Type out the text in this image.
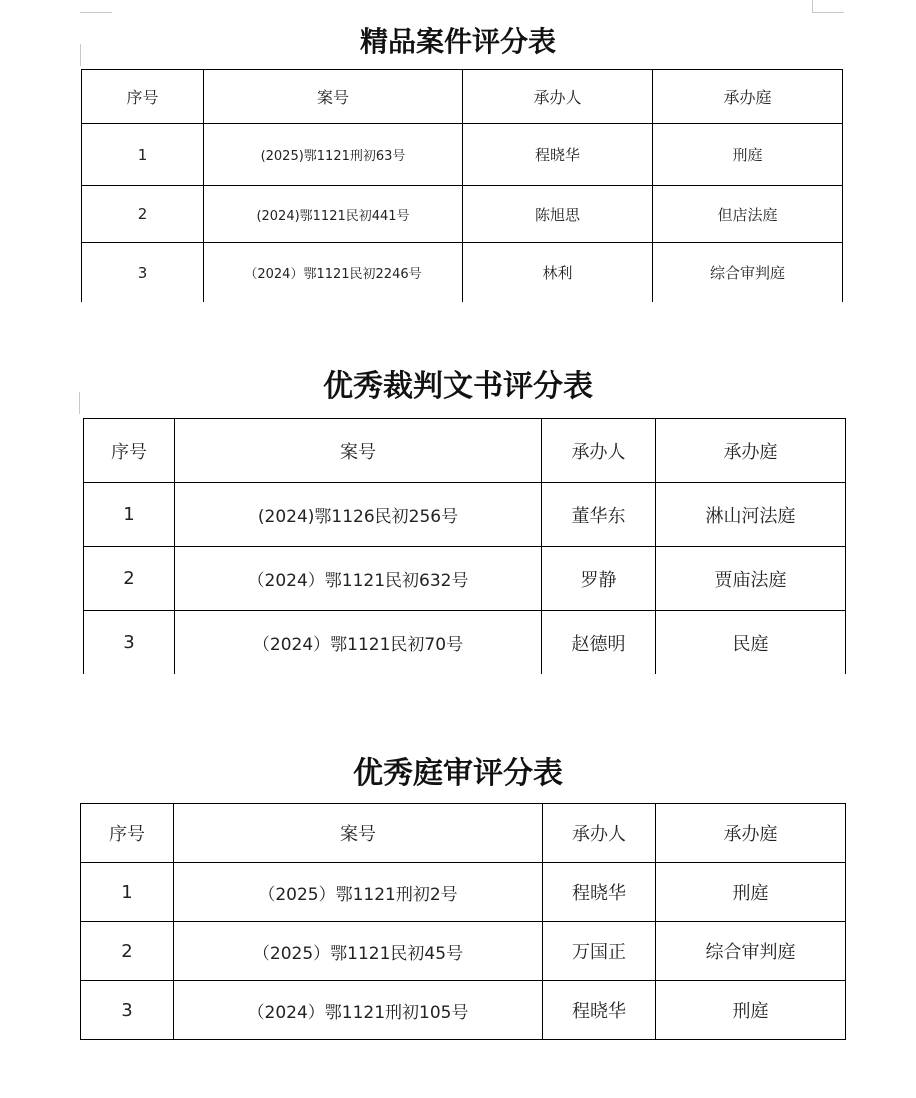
精品案件评分表
序号	案号	承办人	承办庭
1	(2025)鄂1121刑初63号	程晓华	刑庭
2	(2024)鄂1121民初441号	陈旭思	但店法庭
3	（2024）鄂1121民初2246号	林利	综合审判庭
优秀裁判文书评分表
序号	案号	承办人	承办庭
1	(2024)鄂1126民初256号	董华东	淋山河法庭
2	（2024）鄂1121民初632号	罗静	贾庙法庭
3	（2024）鄂1121民初70号	赵德明	民庭
优秀庭审评分表
序号	案号	承办人	承办庭
1	（2025）鄂1121刑初2号	程晓华	刑庭
2	（2025）鄂1121民初45号	万国正	综合审判庭
3	（2024）鄂1121刑初105号	程晓华	刑庭
